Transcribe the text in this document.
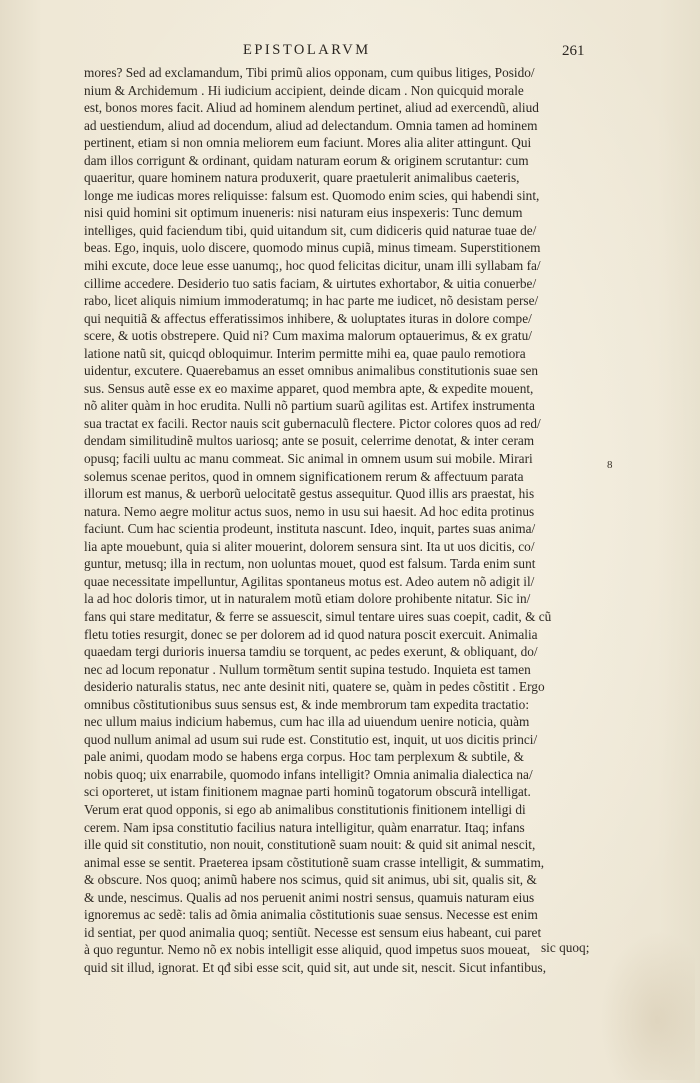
EPISTOLARVM	261
8
mores? Sed ad exclamandum, Tibi primũ alios opponam, cum quibus litiges, Posido/
nium & Archidemum . Hi iudicium accipient, deinde dicam . Non quicquid morale
est, bonos mores facit. Aliud ad hominem alendum pertinet, aliud ad exercendũ, aliud
ad uestiendum, aliud ad docendum, aliud ad delectandum. Omnia tamen ad hominem
pertinent, etiam si non omnia meliorem eum faciunt. Mores alia aliter attingunt. Qui
dam illos corrigunt & ordinant, quidam naturam eorum & originem scrutantur: cum
quaeritur, quare hominem natura produxerit, quare praetulerit animalibus caeteris,
longe me iudicas mores reliquisse: falsum est. Quomodo enim scies, qui habendi sint,
nisi quid homini sit optimum inueneris: nisi naturam eius inspexeris: Tunc demum
intelliges, quid faciendum tibi, quid uitandum sit, cum didiceris quid naturae tuae de/
beas. Ego, inquis, uolo discere, quomodo minus cupiã, minus timeam. Superstitionem
mihi excute, doce leue esse uanumq;, hoc quod felicitas dicitur, unam illi syllabam fa/
cillime accedere. Desiderio tuo satis faciam, & uirtutes exhortabor, & uitia conuerbe/
rabo, licet aliquis nimium immoderatumq; in hac parte me iudicet, nõ desistam perse/
qui nequitiã & affectus efferatissimos inhibere, & uoluptates ituras in dolore compe/
scere, & uotis obstrepere. Quid ni? Cum maxima malorum optauerimus, & ex gratu/
latione natũ sit, quicqd obloquimur. Interim permitte mihi ea, quae paulo remotiora
uidentur, excutere. Quaerebamus an esset omnibus animalibus constitutionis suae sen
sus. Sensus autẽ esse ex eo maxime apparet, quod membra apte, & expedite mouent,
nõ aliter quàm in hoc erudita. Nulli nõ partium suarũ agilitas est. Artifex instrumenta
sua tractat ex facili. Rector nauis scit gubernaculũ flectere. Pictor colores quos ad red/
dendam similitudinẽ multos uariosq; ante se posuit, celerrime denotat, & inter ceram
opusq; facili uultu ac manu commeat. Sic animal in omnem usum sui mobile. Mirari
solemus scenae peritos, quod in omnem significationem rerum & affectuum parata
illorum est manus, & uerborũ uelocitatẽ gestus assequitur. Quod illis ars praestat, his
natura. Nemo aegre molitur actus suos, nemo in usu sui haesit. Ad hoc edita protinus
faciunt. Cum hac scientia prodeunt, instituta nascunt. Ideo, inquit, partes suas anima/
lia apte mouebunt, quia si aliter mouerint, dolorem sensura sint. Ita ut uos dicitis, co/
guntur, metusq; illa in rectum, non uoluntas mouet, quod est falsum. Tarda enim sunt
quae necessitate impelluntur, Agilitas spontaneus motus est. Adeo autem nõ adigit il/
la ad hoc doloris timor, ut in naturalem motũ etiam dolore prohibente nitatur. Sic in/
fans qui stare meditatur, & ferre se assuescit, simul tentare uires suas coepit, cadit, & cũ
fletu toties resurgit, donec se per dolorem ad id quod natura poscit exercuit. Animalia
quaedam tergi durioris inuersa tamdiu se torquent, ac pedes exerunt, & obliquant, do/
nec ad locum reponatur . Nullum tormẽtum sentit supina testudo. Inquieta est tamen
desiderio naturalis status, nec ante desinit niti, quatere se, quàm in pedes cõstitit . Ergo
omnibus cõstitutionibus suus sensus est, & inde membrorum tam expedita tractatio:
nec ullum maius indicium habemus, cum hac illa ad uiuendum uenire noticia, quàm
quod nullum animal ad usum sui rude est. Constitutio est, inquit, ut uos dicitis princi/
pale animi, quodam modo se habens erga corpus. Hoc tam perplexum & subtile, &
nobis quoq; uix enarrabile, quomodo infans intelligit? Omnia animalia dialectica na/
sci oporteret, ut istam finitionem magnae parti hominũ togatorum obscurã intelligat.
Verum erat quod opponis, si ego ab animalibus constitutionis finitionem intelligi di
cerem. Nam ipsa constitutio facilius natura intelligitur, quàm enarratur. Itaq; infans
ille quid sit constitutio, non nouit, constitutionẽ suam nouit: & quid sit animal nescit,
animal esse se sentit. Praeterea ipsam cõstitutionẽ suam crasse intelligit, & summatim,
& obscure. Nos quoq; animũ habere nos scimus, quid sit animus, ubi sit, qualis sit, &
& unde, nescimus. Qualis ad nos peruenit animi nostri sensus, quamuis naturam eius
ignoremus ac sedẽ: talis ad õmia animalia cõstitutionis suae sensus. Necesse est enim
id sentiat, per quod animalia quoq; sentiũt. Necesse est sensum eius habeant, cui paret
à quo reguntur. Nemo nõ ex nobis intelligit esse aliquid, quod impetus suos moueat,
quid sit illud, ignorat. Et qđ sibi esse scit, quid sit, aut unde sit, nescit. Sicut infantibus,
sic quoq;
